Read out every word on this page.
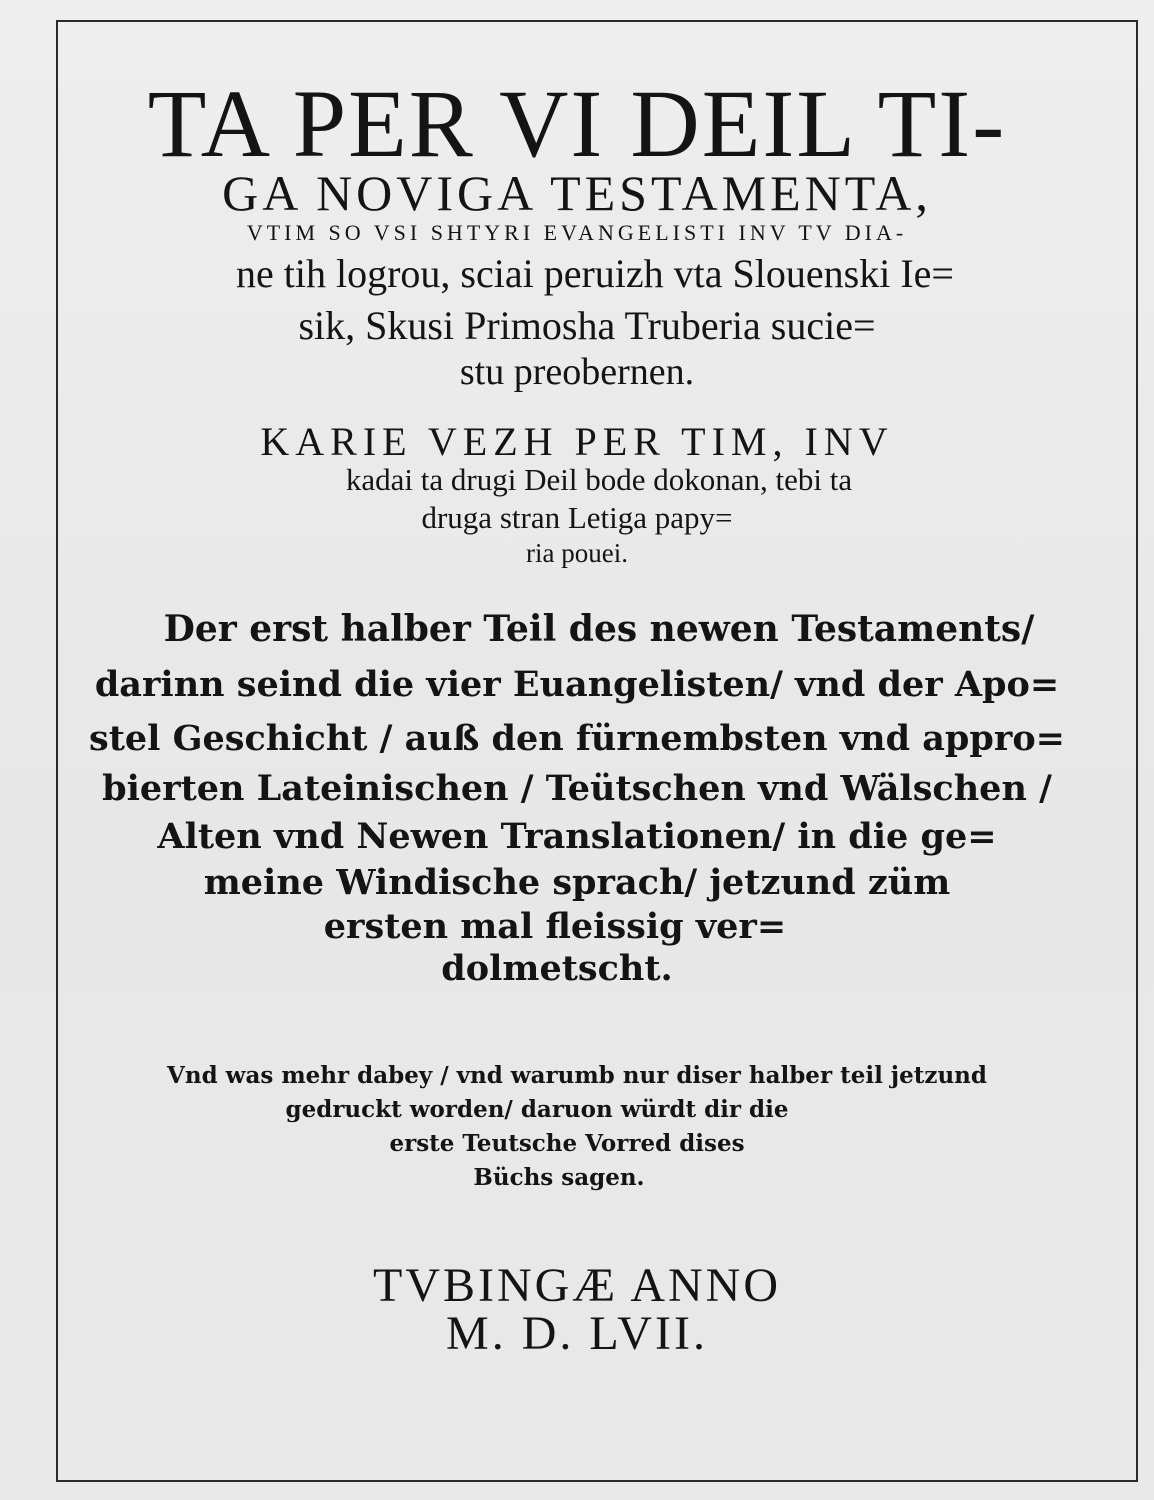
TA PER VI DEIL TI-
GA NOVIGA TESTAMENTA,
VTIM SO VSI SHTYRI EVANGELISTI INV TV DIA-
ne tih logrou, sciai peruizh vta Slouenski Ie=
sik, Skusi Primosha Truberia sucie=
stu preobernen.
KARIE VEZH PER TIM, INV
kadai ta drugi Deil bode dokonan, tebi ta
druga stran Letiga papy=
ria pouei.
Der erst halber Teil des newen Testaments/
darinn seind die vier Euangelisten/ vnd der Apo=
stel Geschicht / auß den fürnembsten vnd appro=
bierten Lateinischen / Teütschen vnd Wälschen /
Alten vnd Newen Translationen/ in die ge=
meine Windische sprach/ jetzund züm
ersten mal fleissig ver=
dolmetscht.
Vnd was mehr dabey / vnd warumb nur diser halber teil jetzund
gedruckt worden/ daruon würdt dir die
erste Teutsche Vorred dises
Büchs sagen.
TVBINGÆ ANNO
M. D. LVII.
